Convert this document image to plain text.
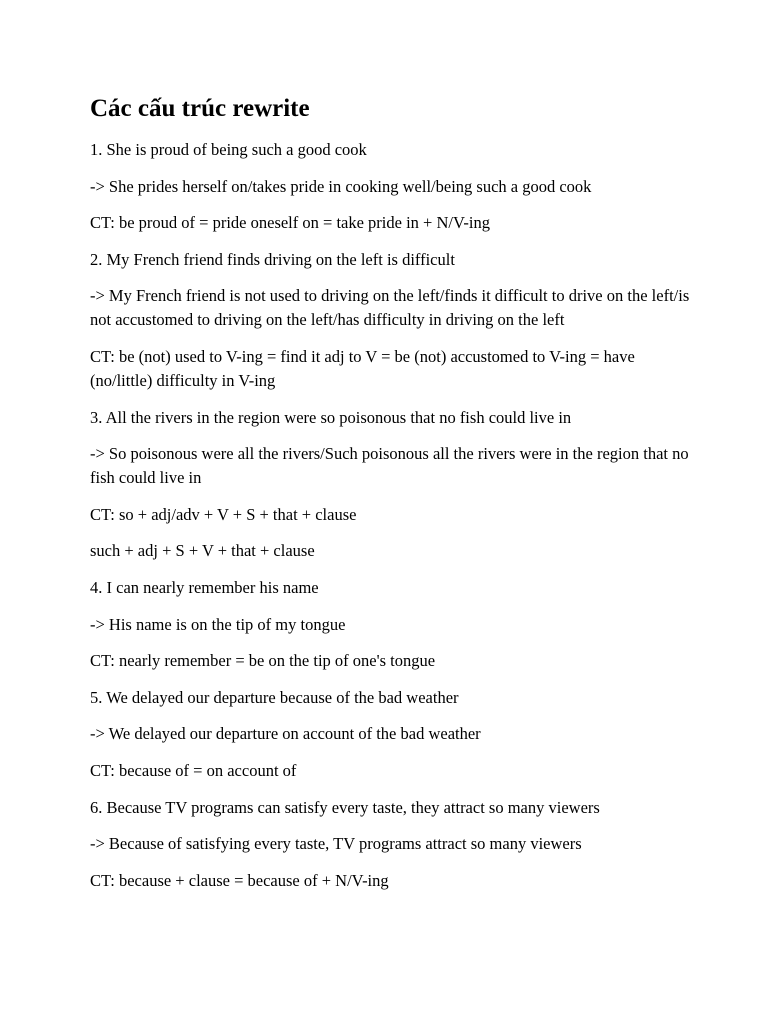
Các cấu trúc rewrite

1. She is proud of being such a good cook

-> She prides herself on/takes pride in cooking well/being such a good cook

CT: be proud of = pride oneself on = take pride in + N/V-ing

2. My French friend finds driving on the left is difficult

-> My French friend is not used to driving on the left/finds it difficult to drive on the left/is not accustomed to driving on the left/has difficulty in driving on the left

CT: be (not) used to V-ing = find it adj to V = be (not) accustomed to V-ing = have (no/little) difficulty in V-ing

3. All the rivers in the region were so poisonous that no fish could live in

-> So poisonous were all the rivers/Such poisonous all the rivers were in the region that no fish could live in

CT: so + adj/adv + V + S + that + clause

such + adj + S + V + that + clause

4. I can nearly remember his name

-> His name is on the tip of my tongue

CT: nearly remember = be on the tip of one's tongue

5. We delayed our departure because of the bad weather

-> We delayed our departure on account of the bad weather

CT: because of = on account of

6. Because TV programs can satisfy every taste, they attract so many viewers

-> Because of satisfying every taste, TV programs attract so many viewers

CT: because + clause = because of + N/V-ing
